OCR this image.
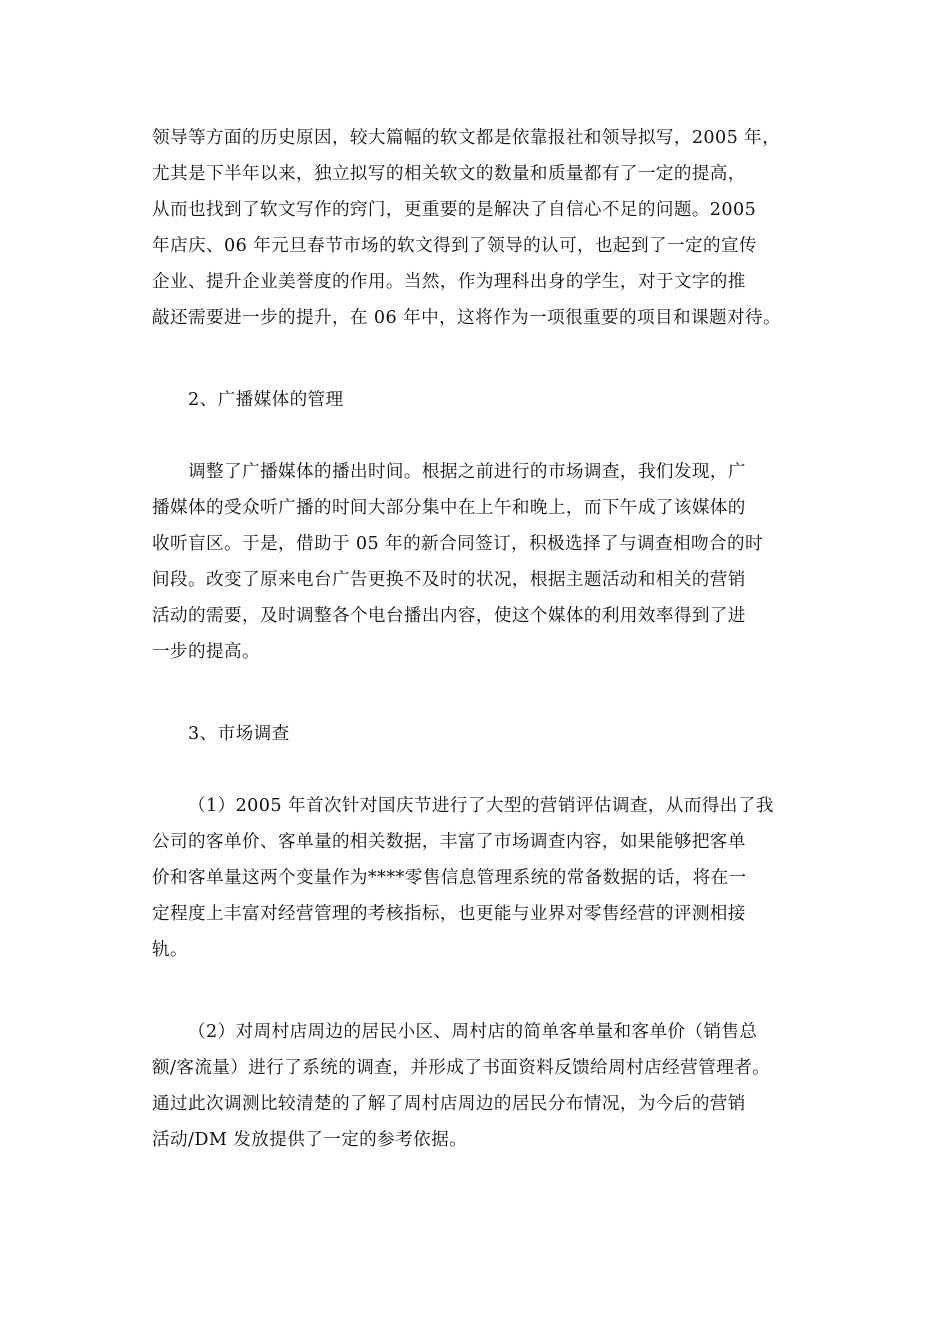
领导等方面的历史原因，较大篇幅的软文都是依靠报社和领导拟写，2005 年，
尤其是下半年以来，独立拟写的相关软文的数量和质量都有了一定的提高，
从而也找到了软文写作的窍门，更重要的是解决了自信心不足的问题。2005
年店庆、06 年元旦春节市场的软文得到了领导的认可，也起到了一定的宣传
企业、提升企业美誉度的作用。当然，作为理科出身的学生，对于文字的推
敲还需要进一步的提升，在 06 年中，这将作为一项很重要的项目和课题对待。
2、广播媒体的管理
调整了广播媒体的播出时间。根据之前进行的市场调查，我们发现，广
播媒体的受众听广播的时间大部分集中在上午和晚上，而下午成了该媒体的
收听盲区。于是，借助于 05 年的新合同签订，积极选择了与调查相吻合的时
间段。改变了原来电台广告更换不及时的状况，根据主题活动和相关的营销
活动的需要，及时调整各个电台播出内容，使这个媒体的利用效率得到了进
一步的提高。
3、市场调查
（1）2005 年首次针对国庆节进行了大型的营销评估调查，从而得出了我
公司的客单价、客单量的相关数据，丰富了市场调查内容，如果能够把客单
价和客单量这两个变量作为****零售信息管理系统的常备数据的话，将在一
定程度上丰富对经营管理的考核指标，也更能与业界对零售经营的评测相接
轨。
（2）对周村店周边的居民小区、周村店的简单客单量和客单价（销售总
额/客流量）进行了系统的调查，并形成了书面资料反馈给周村店经营管理者。
通过此次调测比较清楚的了解了周村店周边的居民分布情况，为今后的营销
活动/DM 发放提供了一定的参考依据。
